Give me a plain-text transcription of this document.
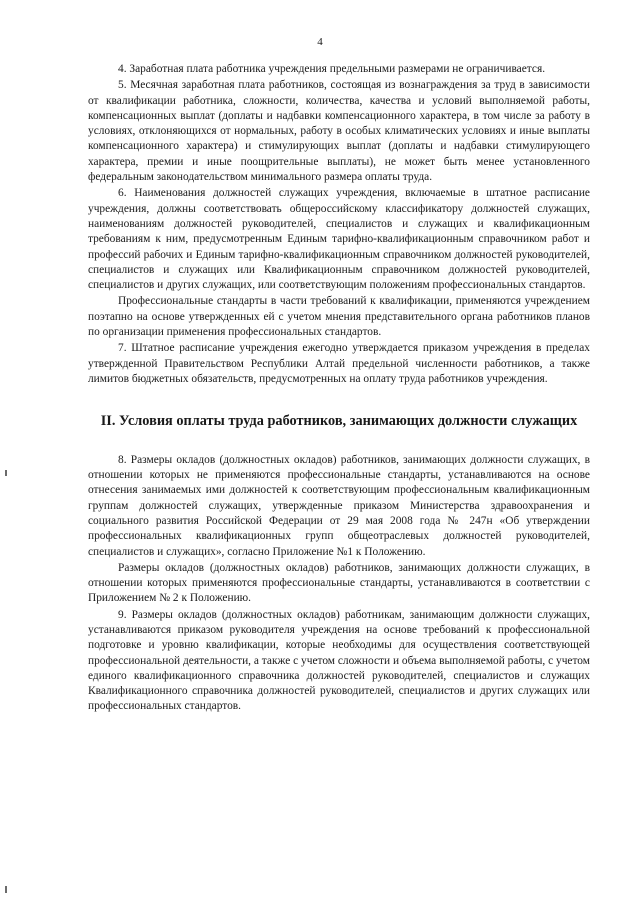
4

4. Заработная плата работника учреждения предельными размерами не ограничивается.

5. Месячная заработная плата работников, состоящая из вознаграждения за труд в зависимости от квалификации работника, сложности, количества, качества и условий выполняемой работы, компенсационных выплат (доплаты и надбавки компенсационного характера, в том числе за работу в условиях, отклоняющихся от нормальных, работу в особых климатических условиях и иные выплаты компенсационного характера) и стимулирующих выплат (доплаты и надбавки стимулирующего характера, премии и иные поощрительные выплаты), не может быть менее установленного федеральным законодательством минимального размера оплаты труда.

6. Наименования должностей служащих учреждения, включаемые в штатное расписание учреждения, должны соответствовать общероссийскому классификатору должностей служащих, наименованиям должностей руководителей, специалистов и служащих и квалификационным требованиям к ним, предусмотренным Единым тарифно-квалификационным справочником работ и профессий рабочих и Единым тарифно-квалификационным справочником должностей руководителей, специалистов и служащих или Квалификационным справочником должностей руководителей, специалистов и других служащих, или соответствующим положениям профессиональных стандартов.

Профессиональные стандарты в части требований к квалификации, применяются учреждением поэтапно на основе утвержденных ей с учетом мнения представительного органа работников планов по организации применения профессиональных стандартов.

7. Штатное расписание учреждения ежегодно утверждается приказом учреждения в пределах утвержденной Правительством Республики Алтай предельной численности работников, а также лимитов бюджетных обязательств, предусмотренных на оплату труда работников учреждения.

II. Условия оплаты труда работников, занимающих должности служащих

8. Размеры окладов (должностных окладов) работников, занимающих должности служащих, в отношении которых не применяются профессиональные стандарты, устанавливаются на основе отнесения занимаемых ими должностей к соответствующим профессиональным квалификационным группам должностей служащих, утвержденные приказом Министерства здравоохранения и социального развития Российской Федерации от 29 мая 2008 года № 247н «Об утверждении профессиональных квалификационных групп общеотраслевых должностей руководителей, специалистов и служащих», согласно Приложение №1 к Положению.

Размеры окладов (должностных окладов) работников, занимающих должности служащих, в отношении которых применяются профессиональные стандарты, устанавливаются в соответствии с Приложением № 2 к Положению.

9. Размеры окладов (должностных окладов) работникам, занимающим должности служащих, устанавливаются приказом руководителя учреждения на основе требований к профессиональной подготовке и уровню квалификации, которые необходимы для осуществления соответствующей профессиональной деятельности, а также с учетом сложности и объема выполняемой работы, с учетом единого квалификационного справочника должностей руководителей, специалистов и служащих Квалификационного справочника должностей руководителей, специалистов и других служащих или профессиональных стандартов.
